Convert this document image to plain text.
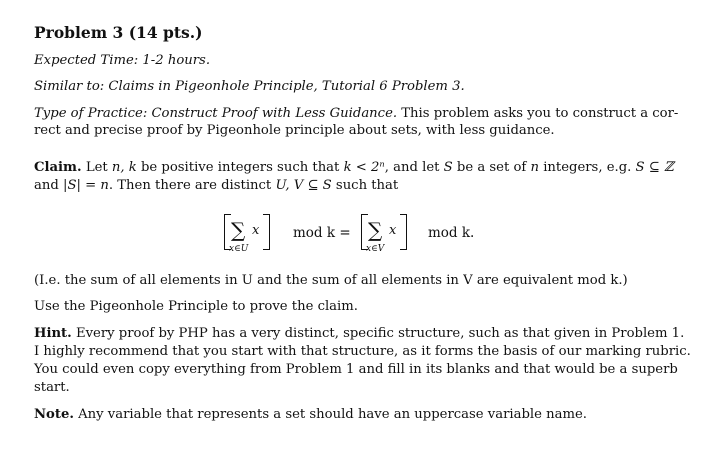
Problem 3 (14 pts.)
Expected Time: 1-2 hours.
Similar to: Claims in Pigeonhole Principle, Tutorial 6 Problem 3.
Type of Practice: Construct Proof with Less Guidance. This problem asks you to construct a cor-
rect and precise proof by Pigeonhole principle about sets, with less guidance.
Claim. Let n, k be positive integers such that k < 2ⁿ, and let S be a set of n integers, e.g. S ⊆ ℤ
and |S| = n. Then there are distinct U, V ⊆ S such that
∑ x
x∈U
mod k = ∑ x
x∈V
mod k.
(I.e. the sum of all elements in U and the sum of all elements in V are equivalent mod k.)
Use the Pigeonhole Principle to prove the claim.
Hint. Every proof by PHP has a very distinct, specific structure, such as that given in Problem 1.
I highly recommend that you start with that structure, as it forms the basis of our marking rubric.
You could even copy everything from Problem 1 and fill in its blanks and that would be a superb
start.
Note. Any variable that represents a set should have an uppercase variable name.
